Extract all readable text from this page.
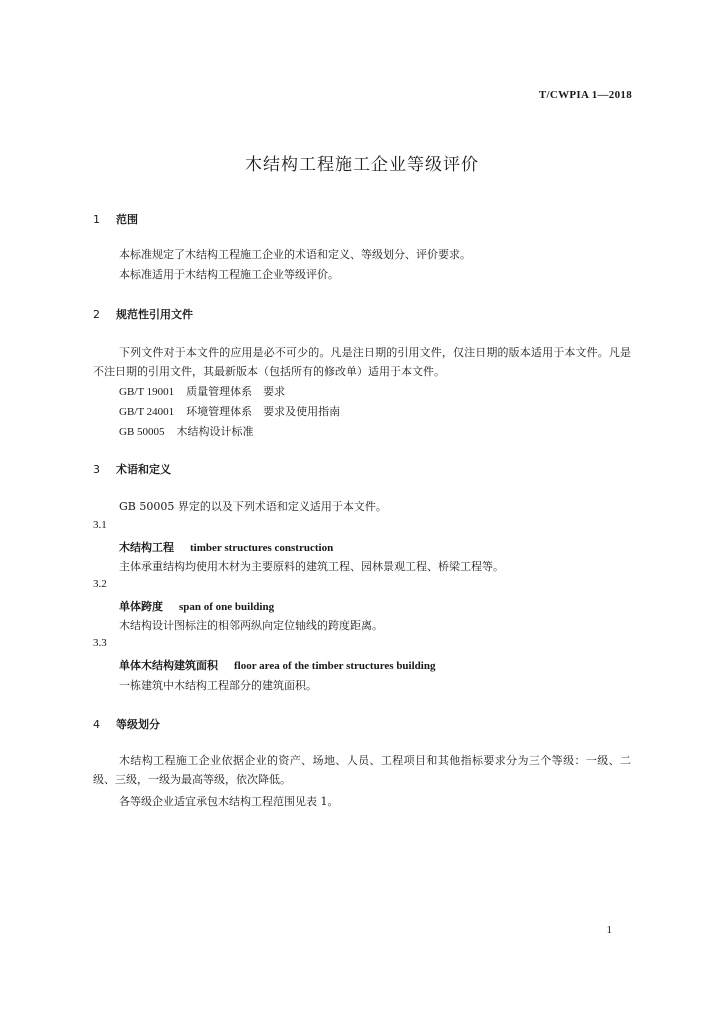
T/CWPIA 1—2018
木结构工程施工企业等级评价
1 范围
本标准规定了木结构工程施工企业的术语和定义、等级划分、评价要求。
本标准适用于木结构工程施工企业等级评价。
2 规范性引用文件
下列文件对于本文件的应用是必不可少的。凡是注日期的引用文件，仅注日期的版本适用于本文件。凡是不注日期的引用文件，其最新版本（包括所有的修改单）适用于本文件。
GB/T 19001 质量管理体系　要求
GB/T 24001 环境管理体系　要求及使用指南
GB 50005 木结构设计标准
3 术语和定义
GB 50005 界定的以及下列术语和定义适用于本文件。
3.1
木结构工程 timber structures construction
主体承重结构均使用木材为主要原料的建筑工程、园林景观工程、桥梁工程等。
3.2
单体跨度 span of one building
木结构设计图标注的相邻两纵向定位轴线的跨度距离。
3.3
单体木结构建筑面积 floor area of the timber structures building
一栋建筑中木结构工程部分的建筑面积。
4 等级划分
木结构工程施工企业依据企业的资产、场地、人员、工程项目和其他指标要求分为三个等级：一级、二级、三级，一级为最高等级，依次降低。
各等级企业适宜承包木结构工程范围见表 1。
1
